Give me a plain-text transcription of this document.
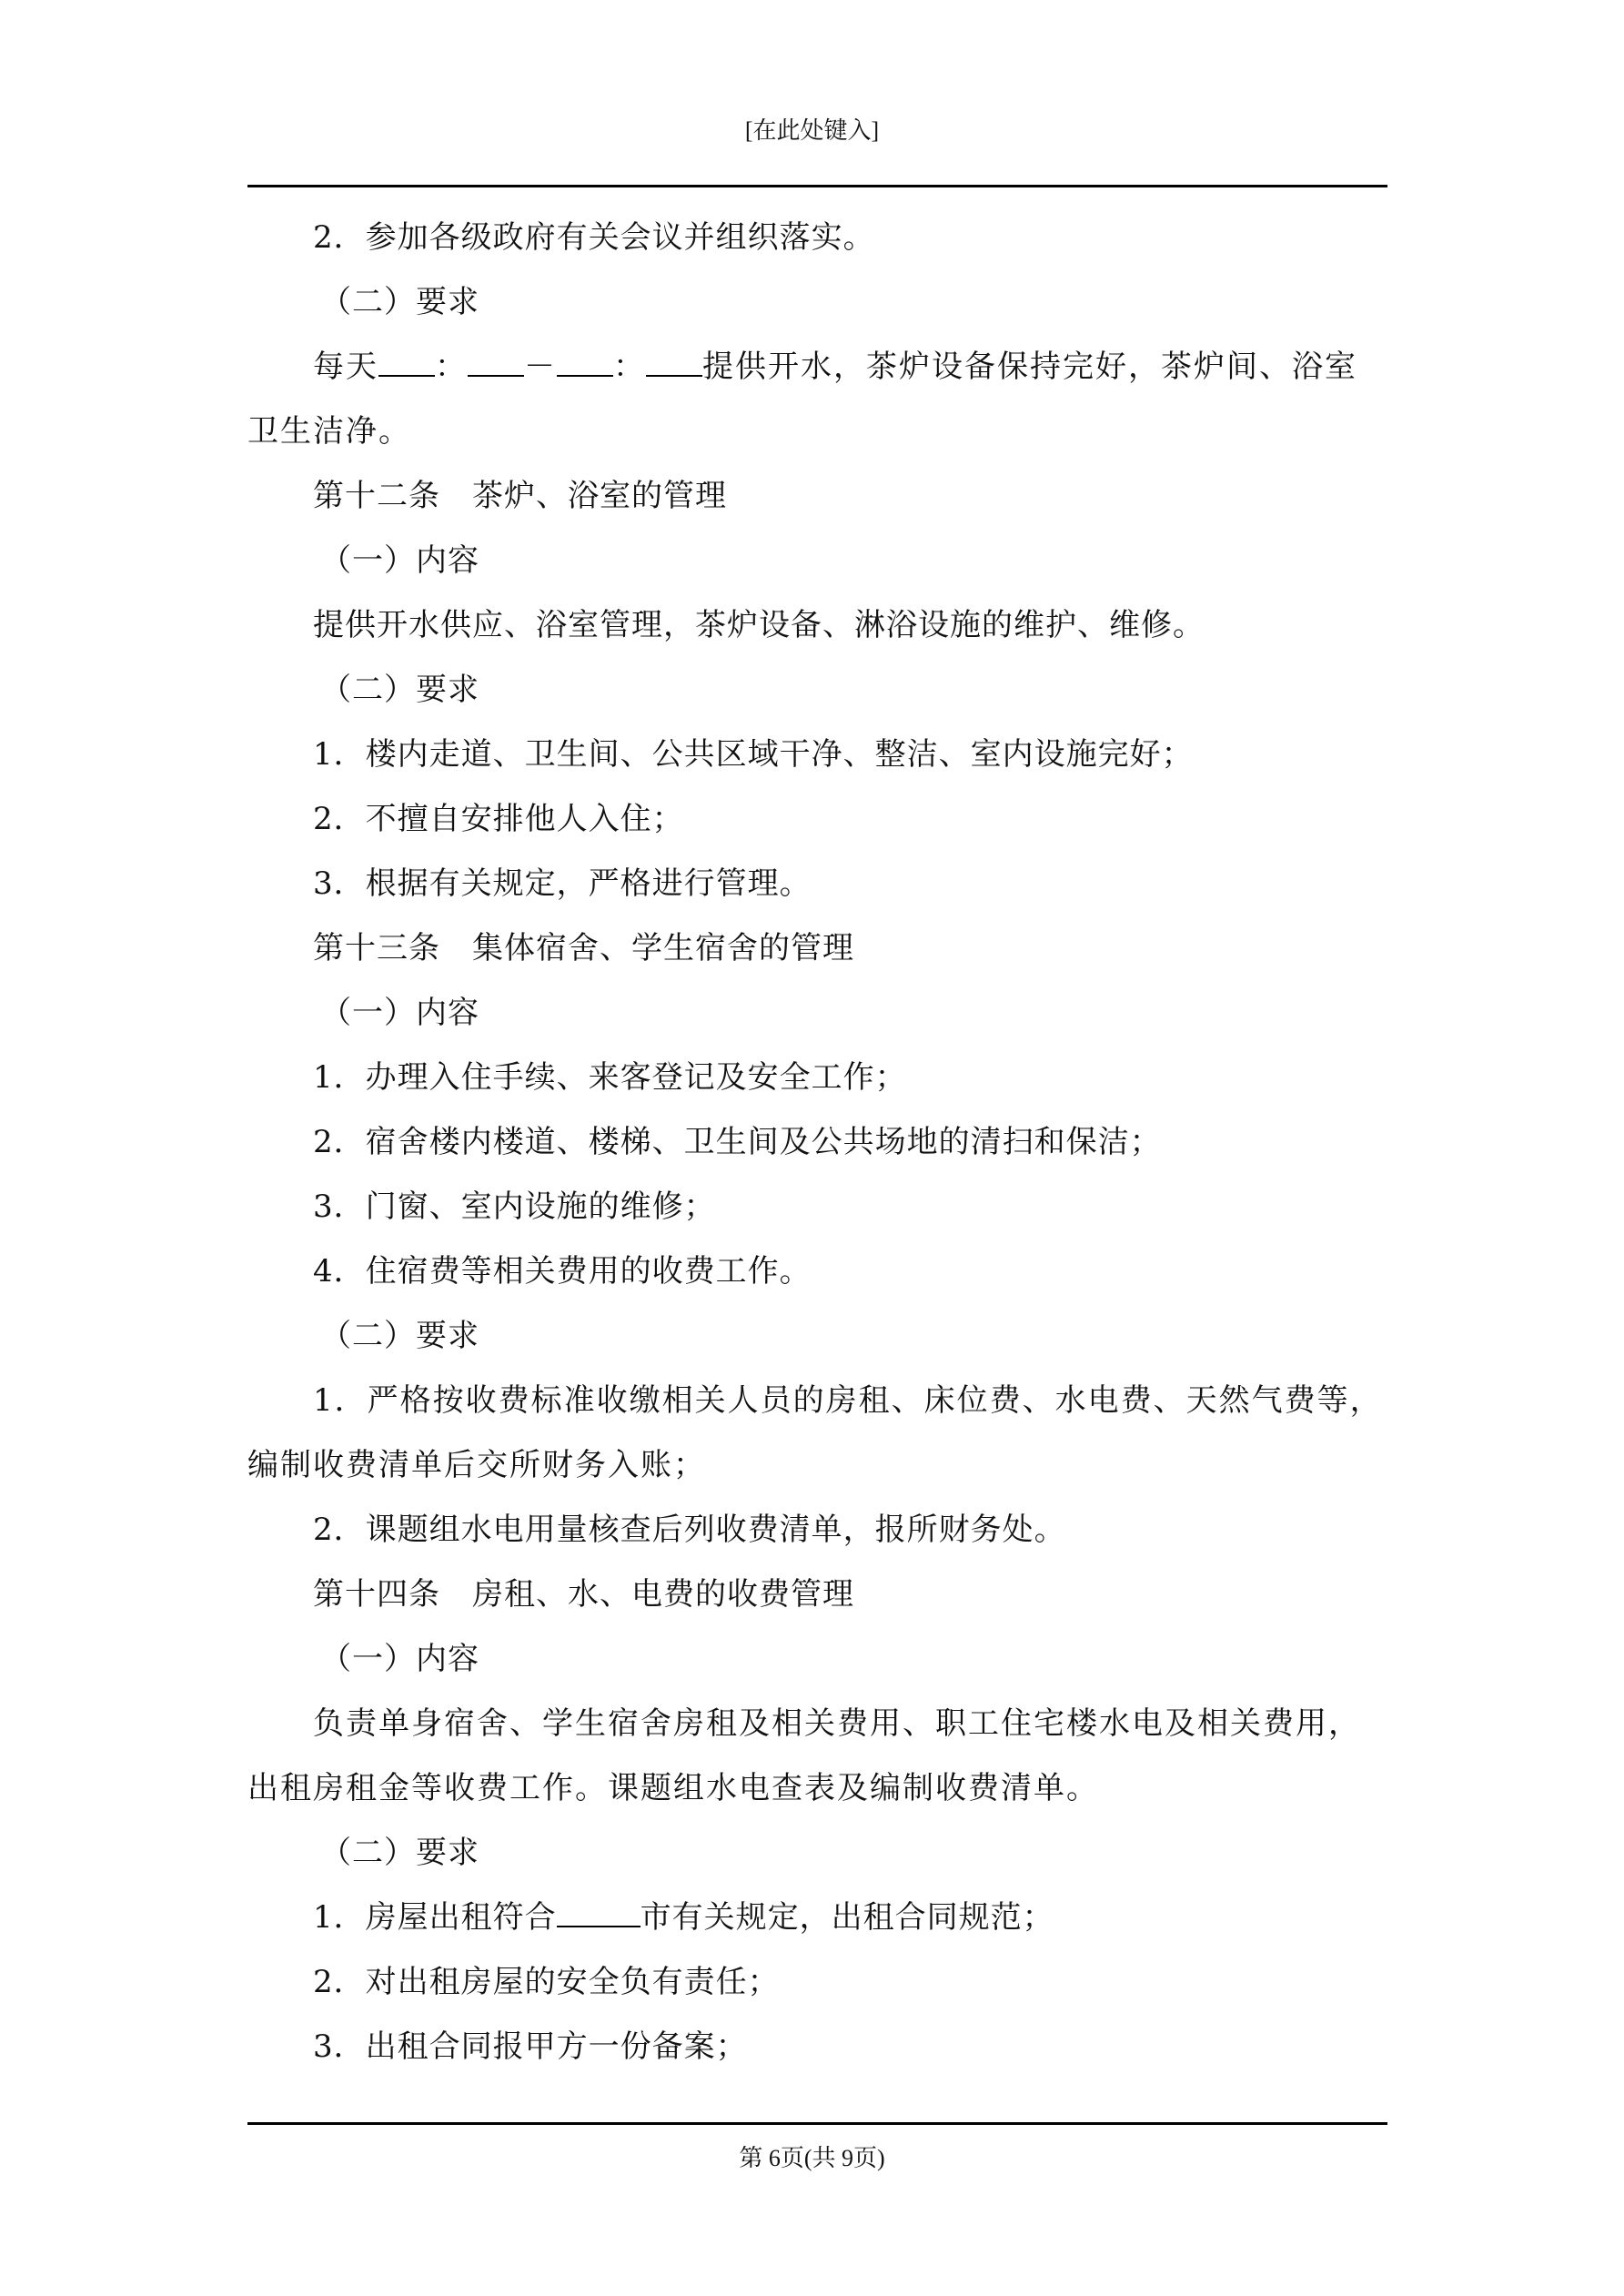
[在此处键入]

2．参加各级政府有关会议并组织落实。

（二）要求

每天 ： － ： 提供开水，茶炉设备保持完好，茶炉间、浴室卫生洁净。

第十二条　茶炉、浴室的管理

（一）内容

提供开水供应、浴室管理，茶炉设备、淋浴设施的维护、维修。

（二）要求

1．楼内走道、卫生间、公共区域干净、整洁、室内设施完好；

2．不擅自安排他人入住；

3．根据有关规定，严格进行管理。

第十三条　集体宿舍、学生宿舍的管理

（一）内容

1．办理入住手续、来客登记及安全工作；

2．宿舍楼内楼道、楼梯、卫生间及公共场地的清扫和保洁；

3．门窗、室内设施的维修；

4．住宿费等相关费用的收费工作。

（二）要求

1．严格按收费标准收缴相关人员的房租、床位费、水电费、天然气费等，编制收费清单后交所财务入账；

2．课题组水电用量核查后列收费清单，报所财务处。

第十四条　房租、水、电费的收费管理

（一）内容

负责单身宿舍、学生宿舍房租及相关费用、职工住宅楼水电及相关费用，出租房租金等收费工作。课题组水电查表及编制收费清单。

（二）要求

1．房屋出租符合	市有关规定，出租合同规范；

2．对出租房屋的安全负有责任；

3．出租合同报甲方一份备案；

第 6页(共 9页)
